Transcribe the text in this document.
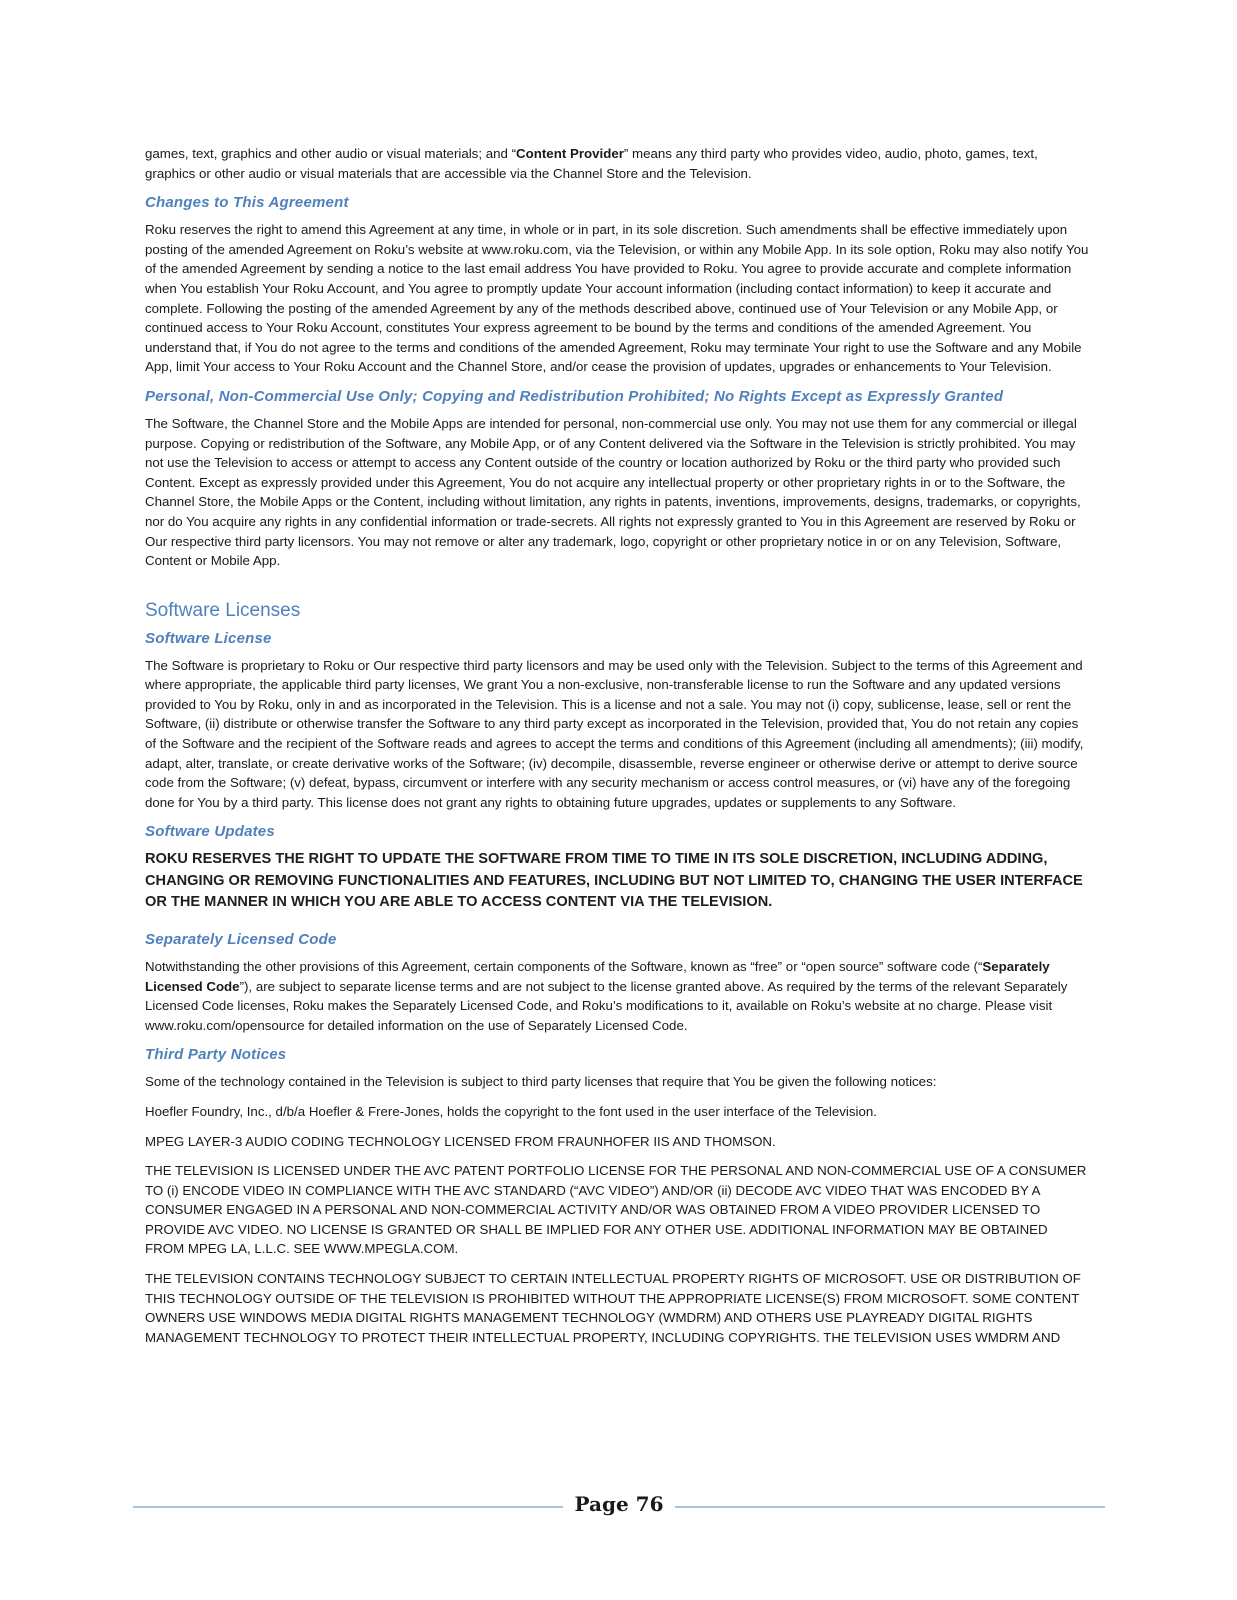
games, text, graphics and other audio or visual materials; and “Content Provider” means any third party who provides video, audio, photo, games, text, graphics or other audio or visual materials that are accessible via the Channel Store and the Television.

Changes to This Agreement

Roku reserves the right to amend this Agreement at any time, in whole or in part, in its sole discretion. Such amendments shall be effective immediately upon posting of the amended Agreement on Roku’s website at www.roku.com, via the Television, or within any Mobile App. In its sole option, Roku may also notify You of the amended Agreement by sending a notice to the last email address You have provided to Roku. You agree to provide accurate and complete information when You establish Your Roku Account, and You agree to promptly update Your account information (including contact information) to keep it accurate and complete. Following the posting of the amended Agreement by any of the methods described above, continued use of Your Television or any Mobile App, or continued access to Your Roku Account, constitutes Your express agreement to be bound by the terms and conditions of the amended Agreement. You understand that, if You do not agree to the terms and conditions of the amended Agreement, Roku may terminate Your right to use the Software and any Mobile App, limit Your access to Your Roku Account and the Channel Store, and/or cease the provision of updates, upgrades or enhancements to Your Television.

Personal, Non-Commercial Use Only; Copying and Redistribution Prohibited; No Rights Except as Expressly Granted

The Software, the Channel Store and the Mobile Apps are intended for personal, non-commercial use only. You may not use them for any commercial or illegal purpose. Copying or redistribution of the Software, any Mobile App, or of any Content delivered via the Software in the Television is strictly prohibited. You may not use the Television to access or attempt to access any Content outside of the country or location authorized by Roku or the third party who provided such Content. Except as expressly provided under this Agreement, You do not acquire any intellectual property or other proprietary rights in or to the Software, the Channel Store, the Mobile Apps or the Content, including without limitation, any rights in patents, inventions, improvements, designs, trademarks, or copyrights, nor do You acquire any rights in any confidential information or trade-secrets. All rights not expressly granted to You in this Agreement are reserved by Roku or Our respective third party licensors. You may not remove or alter any trademark, logo, copyright or other proprietary notice in or on any Television, Software, Content or Mobile App.

Software Licenses
Software License

The Software is proprietary to Roku or Our respective third party licensors and may be used only with the Television. Subject to the terms of this Agreement and where appropriate, the applicable third party licenses, We grant You a non-exclusive, non-transferable license to run the Software and any updated versions provided to You by Roku, only in and as incorporated in the Television. This is a license and not a sale. You may not (i) copy, sublicense, lease, sell or rent the Software, (ii) distribute or otherwise transfer the Software to any third party except as incorporated in the Television, provided that, You do not retain any copies of the Software and the recipient of the Software reads and agrees to accept the terms and conditions of this Agreement (including all amendments); (iii) modify, adapt, alter, translate, or create derivative works of the Software; (iv) decompile, disassemble, reverse engineer or otherwise derive or attempt to derive source code from the Software; (v) defeat, bypass, circumvent or interfere with any security mechanism or access control measures, or (vi) have any of the foregoing done for You by a third party. This license does not grant any rights to obtaining future upgrades, updates or supplements to any Software.

Software Updates

ROKU RESERVES THE RIGHT TO UPDATE THE SOFTWARE FROM TIME TO TIME IN ITS SOLE DISCRETION, INCLUDING ADDING, CHANGING OR REMOVING FUNCTIONALITIES AND FEATURES, INCLUDING BUT NOT LIMITED TO, CHANGING THE USER INTERFACE OR THE MANNER IN WHICH YOU ARE ABLE TO ACCESS CONTENT VIA THE TELEVISION.

Separately Licensed Code

Notwithstanding the other provisions of this Agreement, certain components of the Software, known as “free” or “open source” software code (“Separately Licensed Code”), are subject to separate license terms and are not subject to the license granted above. As required by the terms of the relevant Separately Licensed Code licenses, Roku makes the Separately Licensed Code, and Roku’s modifications to it, available on Roku’s website at no charge. Please visit www.roku.com/opensource for detailed information on the use of Separately Licensed Code.

Third Party Notices

Some of the technology contained in the Television is subject to third party licenses that require that You be given the following notices:

Hoefler Foundry, Inc., d/b/a Hoefler & Frere-Jones, holds the copyright to the font used in the user interface of the Television.

MPEG LAYER-3 AUDIO CODING TECHNOLOGY LICENSED FROM FRAUNHOFER IIS AND THOMSON.

THE TELEVISION IS LICENSED UNDER THE AVC PATENT PORTFOLIO LICENSE FOR THE PERSONAL AND NON-COMMERCIAL USE OF A CONSUMER TO (i) ENCODE VIDEO IN COMPLIANCE WITH THE AVC STANDARD (“AVC VIDEO”) AND/OR (ii) DECODE AVC VIDEO THAT WAS ENCODED BY A CONSUMER ENGAGED IN A PERSONAL AND NON-COMMERCIAL ACTIVITY AND/OR WAS OBTAINED FROM A VIDEO PROVIDER LICENSED TO PROVIDE AVC VIDEO. NO LICENSE IS GRANTED OR SHALL BE IMPLIED FOR ANY OTHER USE. ADDITIONAL INFORMATION MAY BE OBTAINED FROM MPEG LA, L.L.C. SEE WWW.MPEGLA.COM.

THE TELEVISION CONTAINS TECHNOLOGY SUBJECT TO CERTAIN INTELLECTUAL PROPERTY RIGHTS OF MICROSOFT. USE OR DISTRIBUTION OF THIS TECHNOLOGY OUTSIDE OF THE TELEVISION IS PROHIBITED WITHOUT THE APPROPRIATE LICENSE(S) FROM MICROSOFT. SOME CONTENT OWNERS USE WINDOWS MEDIA DIGITAL RIGHTS MANAGEMENT TECHNOLOGY (WMDRM) AND OTHERS USE PLAYREADY DIGITAL RIGHTS MANAGEMENT TECHNOLOGY TO PROTECT THEIR INTELLECTUAL PROPERTY, INCLUDING COPYRIGHTS. THE TELEVISION USES WMDRM AND

Page 76
